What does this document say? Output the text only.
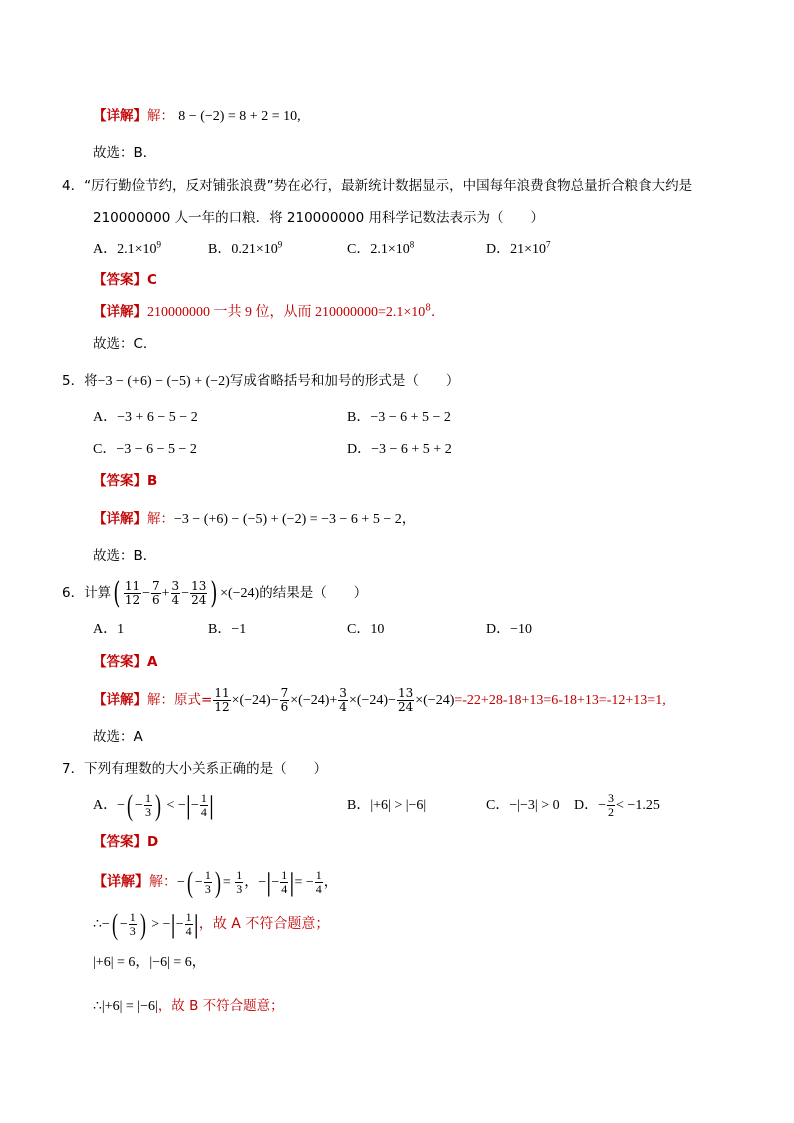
【详解】解： 8 − (−2) = 8 + 2 = 10,
故选：B．
4．“厉行勤俭节约，反对铺张浪费”势在必行，最新统计数据显示，中国每年浪费食物总量折合粮食大约是
210000000 人一年的口粮．将 210000000 用科学记数法表示为（　　）
A．$2.1\times 10^9$	B．$0.21\times 10^9$	C．$2.1\times 10^8$	D．$21\times 10^7$
【答案】C
【详解】210000000 一共 9 位，从而 $210000000=2.1\times 10^8$．
故选：C．
5．将−3 − (+6) − (−5) + (−2)写成省略括号和加号的形式是（　　）
A．−3 + 6 − 5 − 2	B．−3 − 6 + 5 − 2
C．−3 − 6 − 5 − 2	D．−3 − 6 + 5 + 2
【答案】B
【详解】解：−3 − (+6) − (−5) + (−2) = −3 − 6 + 5 − 2，
故选：B．
6．计算( $\frac{11}{12} - \frac{7}{6} + \frac{3}{4} - \frac{13}{24}$ ) ×(−24)的结果是（　　）
A．1	B．−1	C．10	D．−10
【答案】A
【详解】解：原式= $\frac{11}{12} \times(-24)- \frac{7}{6} \times(-24)+ \frac{3}{4} \times(-24)- \frac{13}{24} \times(-24)=-22+28-18+13=6-18+13=-12+13=1$,
故选：A
7．下列有理数的大小关系正确的是（　　）
A．−( − $\frac{1}{3}$ ) < −|− $\frac{1}{4}$ |	B．|+6| > |−6|	C．−|−3| > 0 D．− $\frac{3}{2} < -1.25$
【答案】D
【详解】解：−( − $\frac{1}{3}$ ) = $\frac{1}{3}$ ，−|− $\frac{1}{4}$ |= − $\frac{1}{4}$ ，
∴−( − $\frac{1}{3}$ ) > −|− $\frac{1}{4}$ |，故 A 不符合题意；
|+6| = 6，|−6| = 6，
∴|+6| = |−6|，故 B 不符合题意；
